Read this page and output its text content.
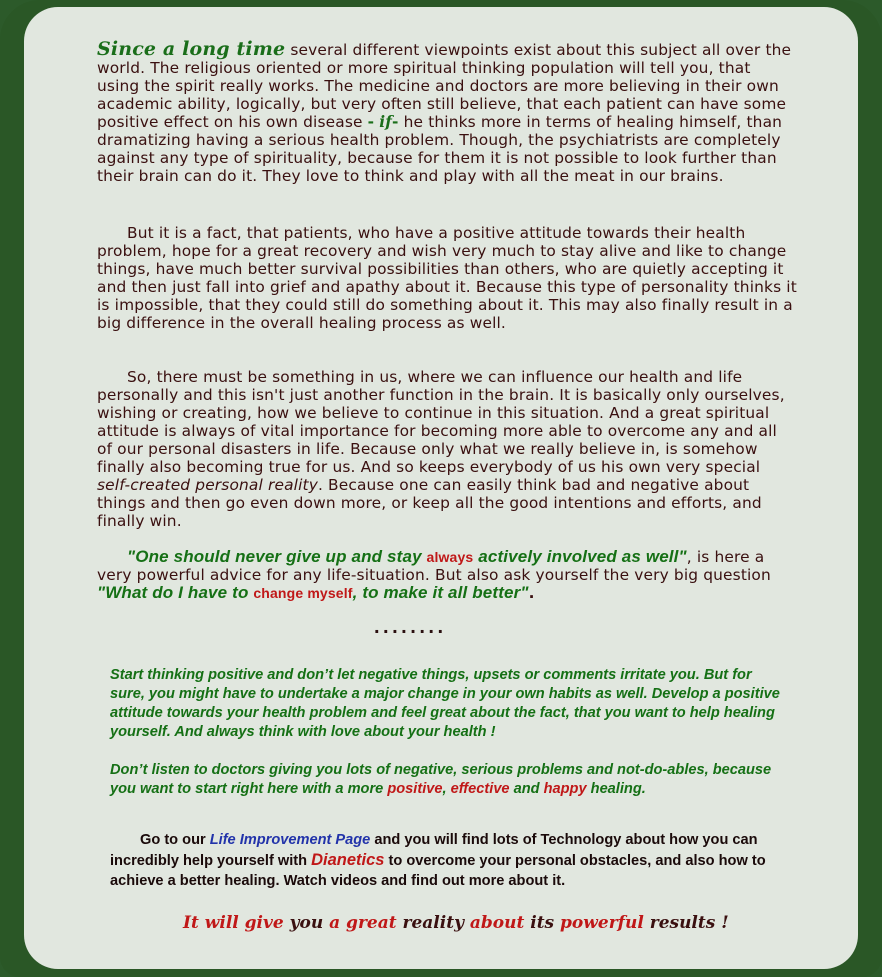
Since a long time several different viewpoints exist about this subject all over the world. The religious oriented or more spiritual thinking population will tell you, that using the spirit really works. The medicine and doctors are more believing in their own academic ability, logically, but very often still believe, that each patient can have some positive effect on his own disease - if- he thinks more in terms of healing himself, than dramatizing having a serious health problem. Though, the psychiatrists are completely against any type of spirituality, because for them it is not possible to look further than their brain can do it. They love to think and play with all the meat in our brains.

But it is a fact, that patients, who have a positive attitude towards their health problem, hope for a great recovery and wish very much to stay alive and like to change things, have much better survival possibilities than others, who are quietly accepting it and then just fall into grief and apathy about it. Because this type of personality thinks it is impossible, that they could still do something about it. This may also finally result in a big difference in the overall healing process as well.

So, there must be something in us, where we can influence our health and life personally and this isn't just another function in the brain. It is basically only ourselves, wishing or creating, how we believe to continue in this situation. And a great spiritual attitude is always of vital importance for becoming more able to overcome any and all of our personal disasters in life. Because only what we really believe in, is somehow finally also becoming true for us. And so keeps everybody of us his own very special self-created personal reality. Because one can easily think bad and negative about things and then go even down more, or keep all the good intentions and efforts, and finally win.

"One should never give up and stay always actively involved as well", is here a very powerful advice for any life-situation. But also ask yourself the very big question "What do I have to change myself, to make it all better".

........

Start thinking positive and don’t let negative things, upsets or comments irritate you. But for sure, you might have to undertake a major change in your own habits as well. Develop a positive attitude towards your health problem and feel great about the fact, that you want to help healing yourself. And always think with love about your health !

Don’t listen to doctors giving you lots of negative, serious problems and not-do-ables, because you want to start right here with a more positive, effective and happy healing.

Go to our Life Improvement Page and you will find lots of Technology about how you can incredibly help yourself with Dianetics to overcome your personal obstacles, and also how to achieve a better healing. Watch videos and find out more about it.

It will give you a great reality about its powerful results !
